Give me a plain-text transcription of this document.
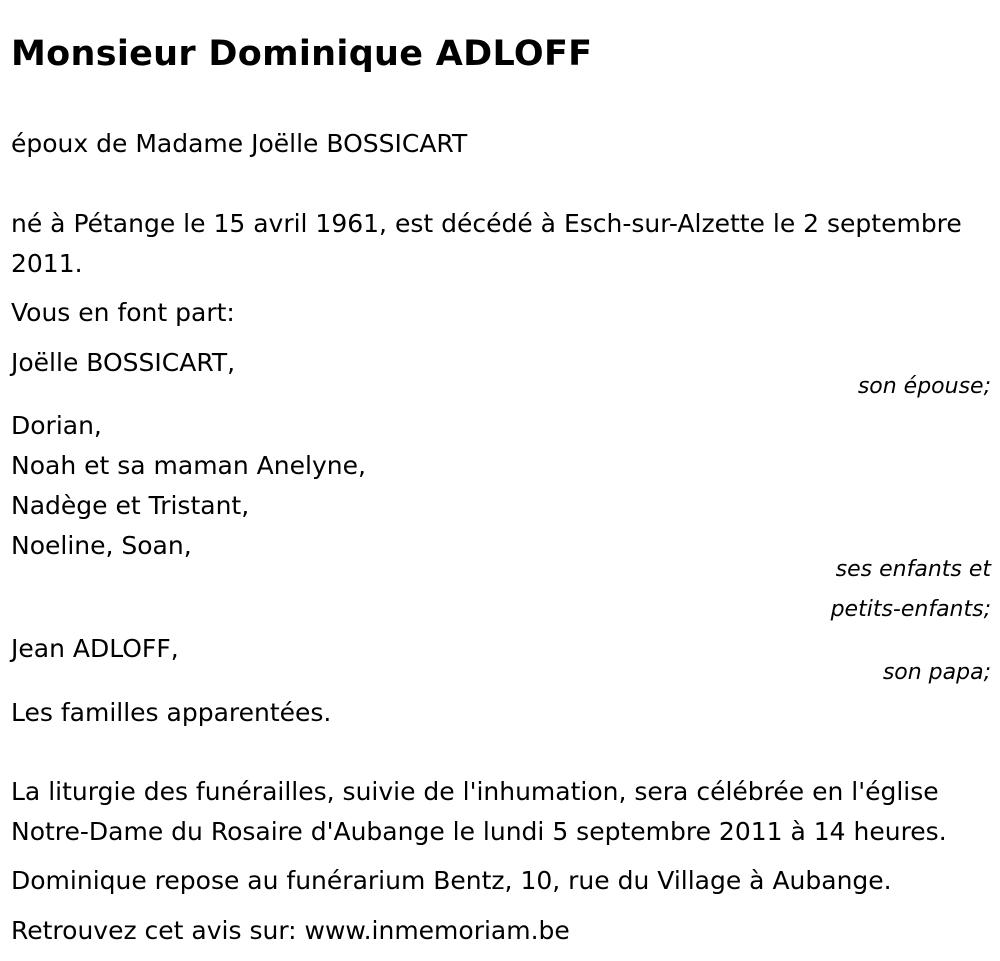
Monsieur Dominique ADLOFF

époux de Madame Joëlle BOSSICART

né à Pétange le 15 avril 1961, est décédé à Esch-sur-Alzette le 2 septembre 2011.

Vous en font part:

Joëlle BOSSICART,

son épouse;

Dorian,

Noah et sa maman Anelyne,

Nadège et Tristant,

Noeline, Soan,

ses enfants et

petits-enfants;

Jean ADLOFF,

son papa;

Les familles apparentées.

La liturgie des funérailles, suivie de l'inhumation, sera célébrée en l'église Notre-Dame du Rosaire d'Aubange le lundi 5 septembre 2011 à 14 heures.

Dominique repose au funérarium Bentz, 10, rue du Village à Aubange.

Retrouvez cet avis sur: www.inmemoriam.be
